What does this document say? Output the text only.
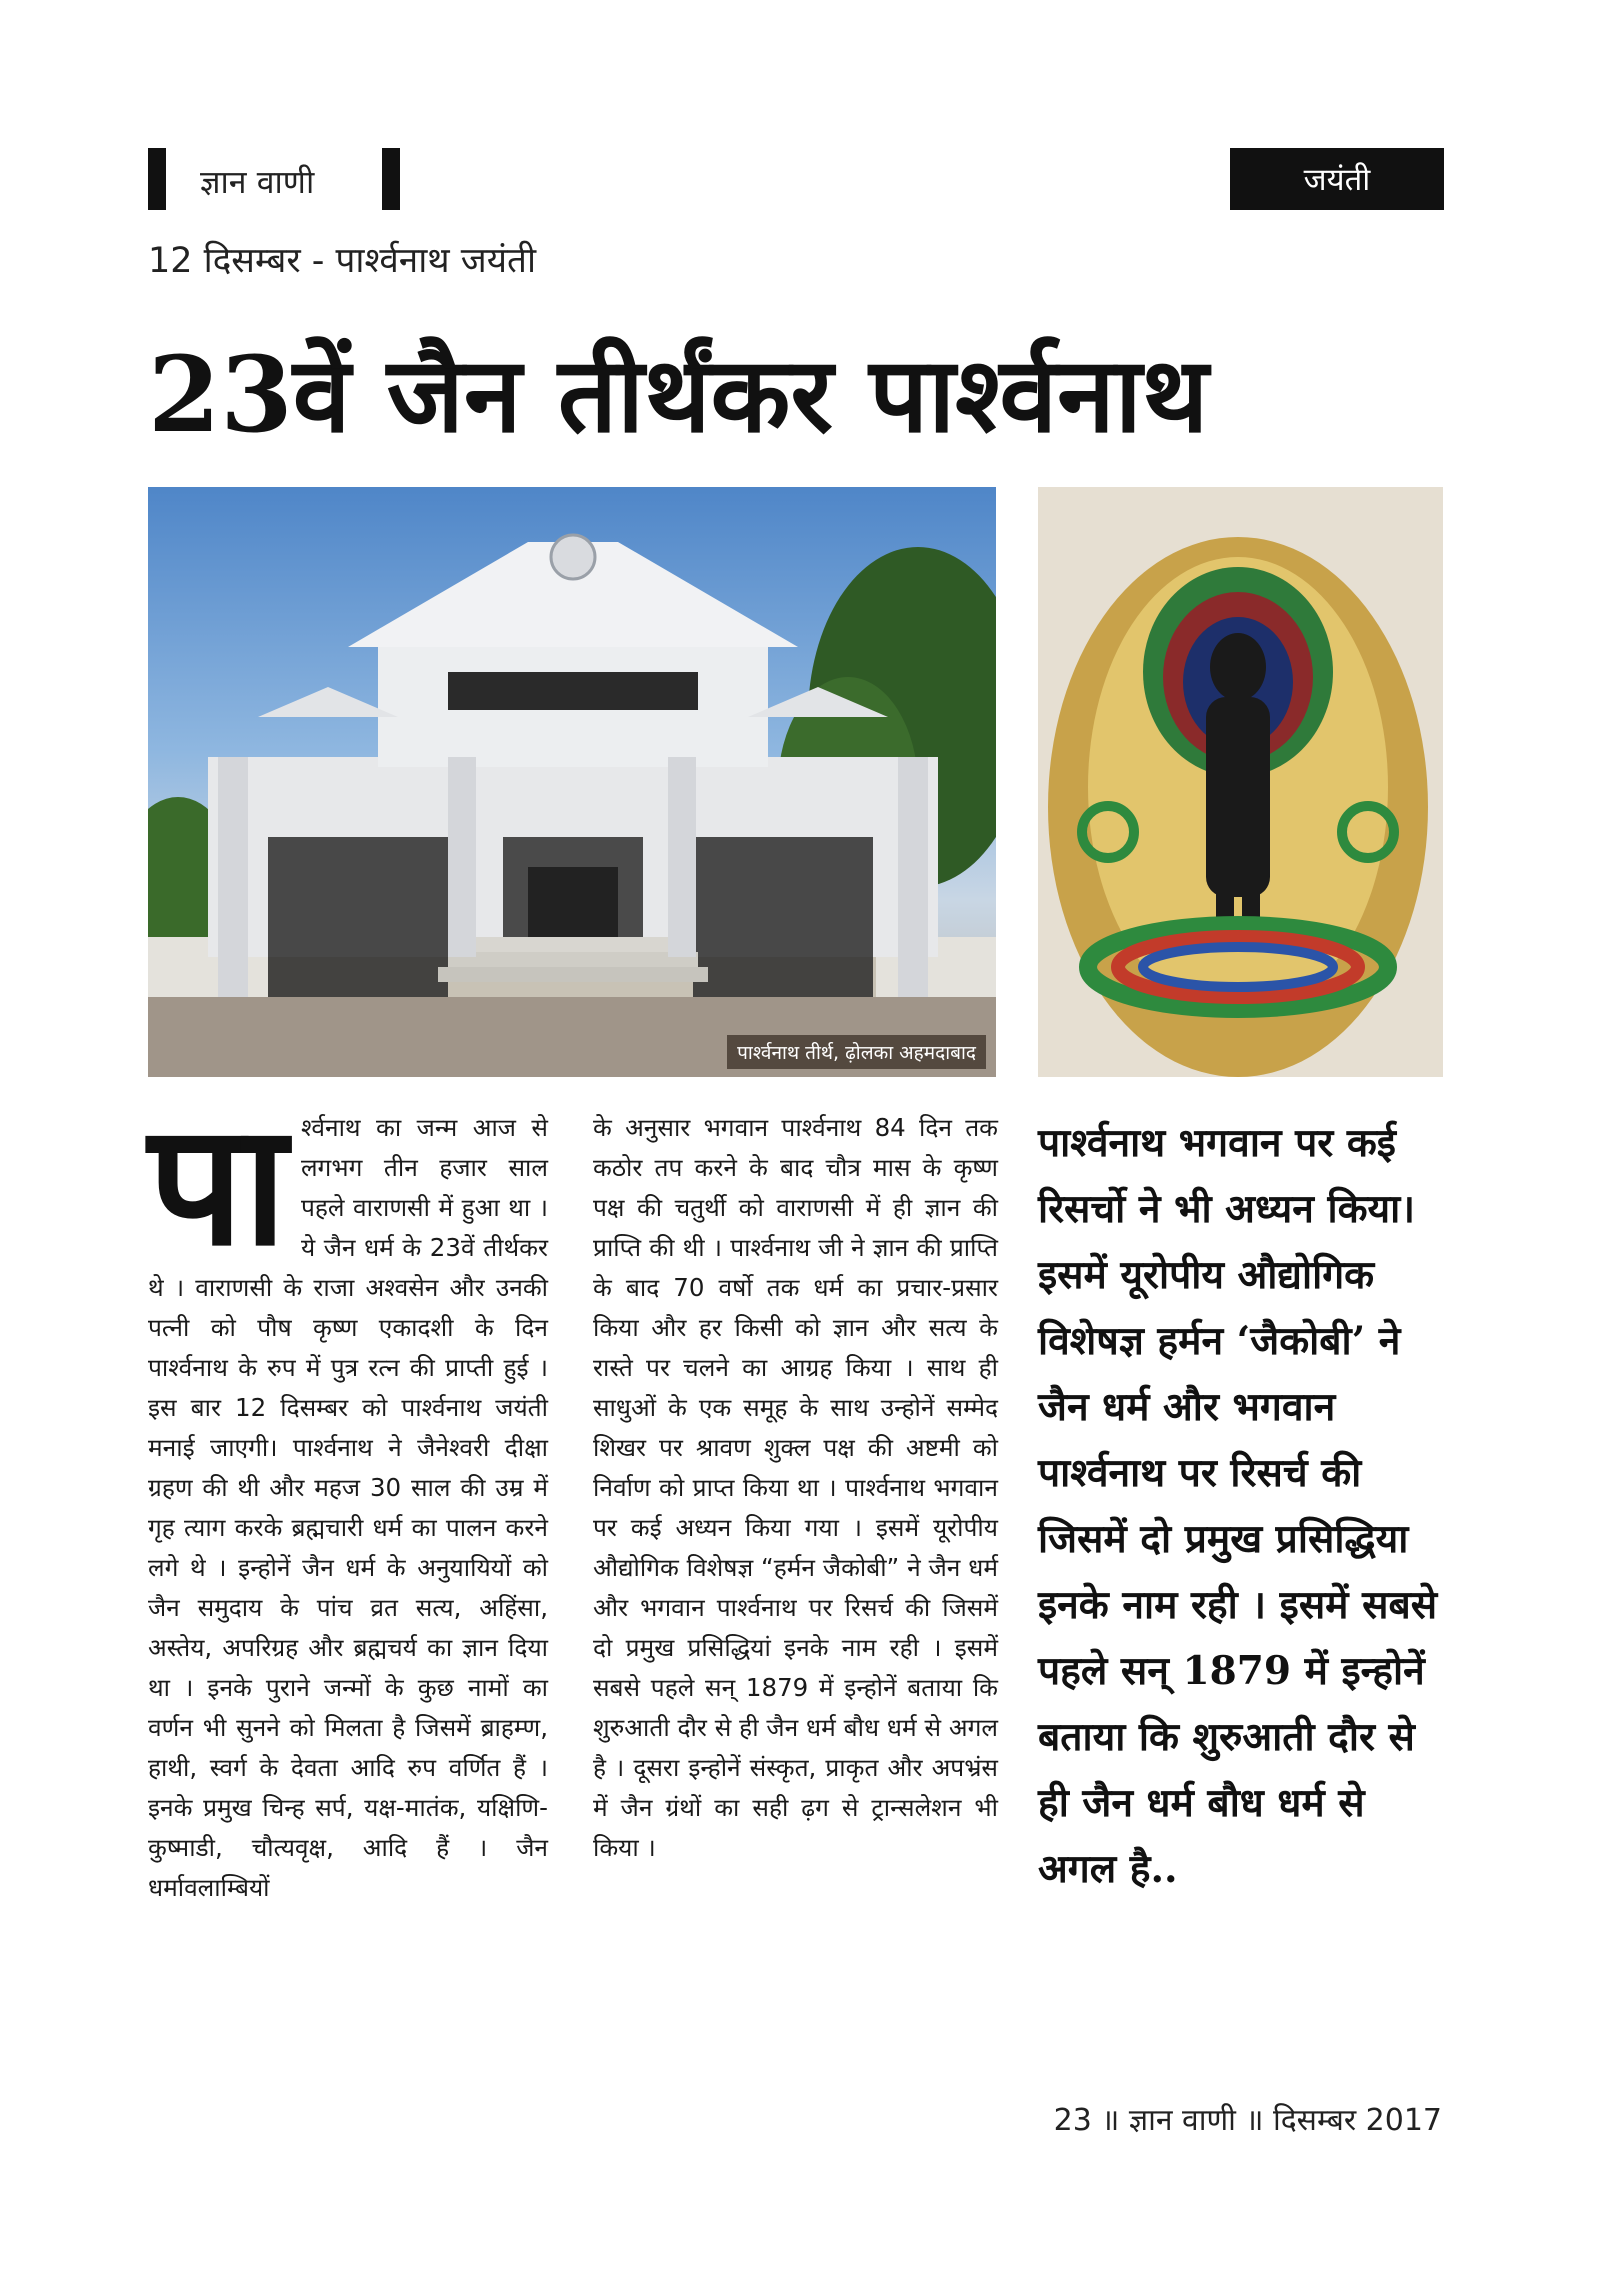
ज्ञान वाणी	जयंती
12 दिसम्बर - पार्श्वनाथ जयंती
23वें जैन तीर्थंकर पार्श्वनाथ
पार्श्वनाथ तीर्थ, ढ़ोलका अहमदाबाद
पार्श्वनाथ का जन्म आज से लगभग तीन हजार साल पहले वाराणसी में हुआ था । ये जैन धर्म के 23वें तीर्थकर थे । वाराणसी के राजा अश्वसेन और उनकी पत्नी को पौष कृष्ण एकादशी के दिन पार्श्वनाथ के रुप में पुत्र रत्न की प्राप्ती हुई । इस बार 12 दिसम्बर को पार्श्वनाथ जयंती मनाई जाएगी। पार्श्वनाथ ने जैनेश्वरी दीक्षा ग्रहण की थी और महज 30 साल की उम्र में गृह त्याग करके ब्रह्मचारी धर्म का पालन करने लगे थे । इन्होनें जैन धर्म के अनुयायियों को जैन समुदाय के पांच व्रत सत्य, अहिंसा, अस्तेय, अपरिग्रह और ब्रह्मचर्य का ज्ञान दिया था । इनके पुराने जन्मों के कुछ नामों का वर्णन भी सुनने को मिलता है जिसमें ब्राहम्ण, हाथी, स्वर्ग के देवता आदि रुप वर्णित हैं । इनके प्रमुख चिन्ह सर्प, यक्ष-मातंक, यक्षिणि-कुष्माडी, चौत्यवृक्ष, आदि हैं । जैन धर्मावलाम्बियों
के अनुसार भगवान पार्श्वनाथ 84 दिन तक कठोर तप करने के बाद चौत्र मास के कृष्ण पक्ष की चतुर्थी को वाराणसी में ही ज्ञान की प्राप्ति की थी । पार्श्वनाथ जी ने ज्ञान की प्राप्ति के बाद 70 वर्षो तक धर्म का प्रचार-प्रसार किया और हर किसी को ज्ञान और सत्य के रास्ते पर चलने का आग्रह किया । साथ ही साधुओं के एक समूह के साथ उन्होनें सम्मेद शिखर पर श्रावण शुक्ल पक्ष की अष्टमी को निर्वाण को प्राप्त किया था । पार्श्वनाथ भगवान पर कई अध्यन किया गया । इसमें यूरोपीय औद्योगिक विशेषज्ञ “हर्मन जैकोबी” ने जैन धर्म और भगवान पार्श्वनाथ पर रिसर्च की जिसमें दो प्रमुख प्रसिद्धियां इनके नाम रही । इसमें सबसे पहले सन् 1879 में इन्होनें बताया कि शुरुआती दौर से ही जैन धर्म बौध धर्म से अगल है । दूसरा इन्होनें संस्कृत, प्राकृत और अपभ्रंस में जैन ग्रंथों का सही ढ़ग से ट्रान्सलेशन भी किया ।
पार्श्वनाथ भगवान पर कई रिसर्चो ने भी अध्यन किया। इसमें यूरोपीय औद्योगिक विशेषज्ञ हर्मन ‘जैकोबी’ ने जैन धर्म और भगवान पार्श्वनाथ पर रिसर्च की जिसमें दो प्रमुख प्रसिद्धिया इनके नाम रही । इसमें सबसे पहले सन् 1879 में इन्होनें बताया कि शुरुआती दौर से ही जैन धर्म बौध धर्म से अगल है..
23 ॥ ज्ञान वाणी ॥ दिसम्बर 2017
